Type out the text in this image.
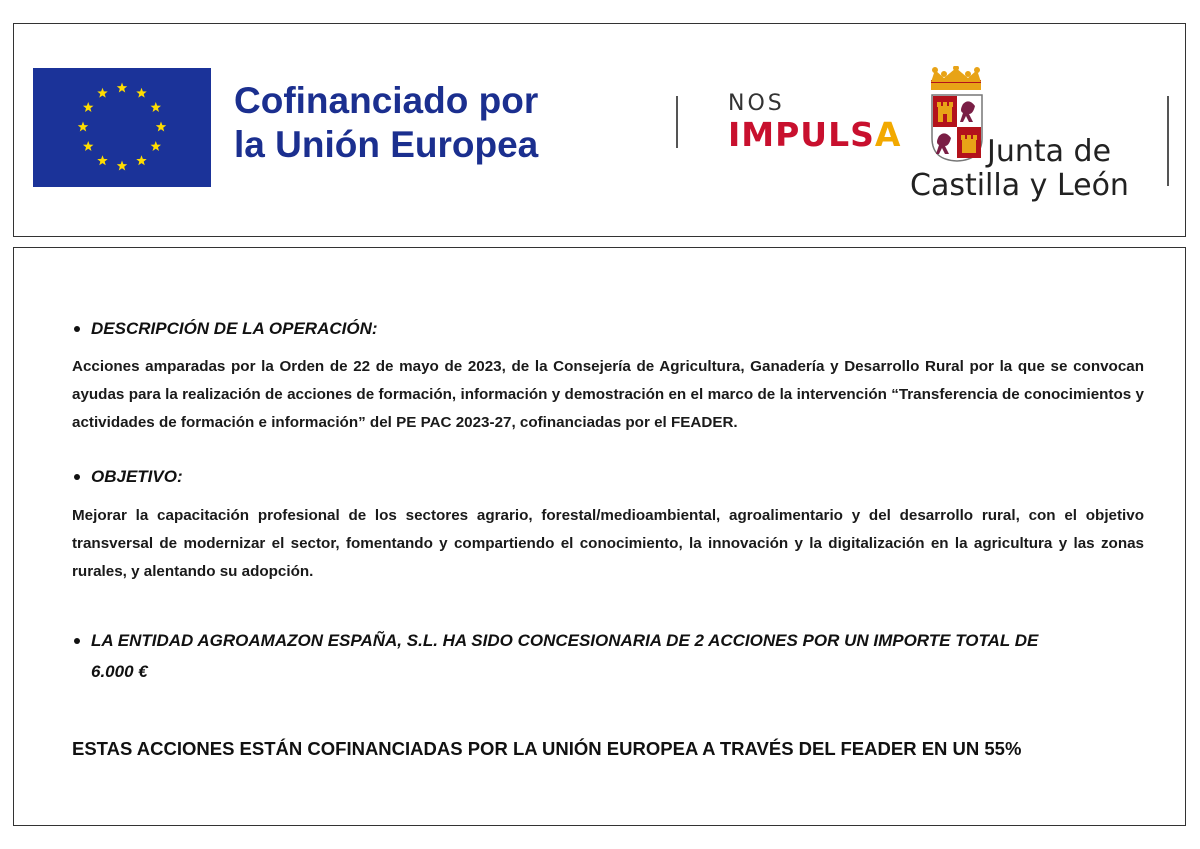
Cofinanciado por
la Unión Europea
NOS
IMPULSA	Junta de
Castilla y León
DESCRIPCIÓN DE LA OPERACIÓN:
Acciones amparadas por la Orden de 22 de mayo de 2023, de la Consejería de Agricultura, Ganadería y Desarrollo Rural por la que se convocan ayudas para la realización de acciones de formación, información y demostración en el marco de la intervención “Transferencia de conocimientos y actividades de formación e información” del PE PAC 2023-27, cofinanciadas por el FEADER.
OBJETIVO:
Mejorar la capacitación profesional de los sectores agrario, forestal/medioambiental, agroalimentario y del desarrollo rural, con el objetivo transversal de modernizar el sector, fomentando y compartiendo el conocimiento, la innovación y la digitalización en la agricultura y las zonas rurales, y alentando su adopción.
LA ENTIDAD AGROAMAZON ESPAÑA, S.L. HA SIDO CONCESIONARIA DE 2 ACCIONES POR UN IMPORTE TOTAL DE
6.000 €
ESTAS ACCIONES ESTÁN COFINANCIADAS POR LA UNIÓN EUROPEA A TRAVÉS DEL FEADER EN UN 55%
